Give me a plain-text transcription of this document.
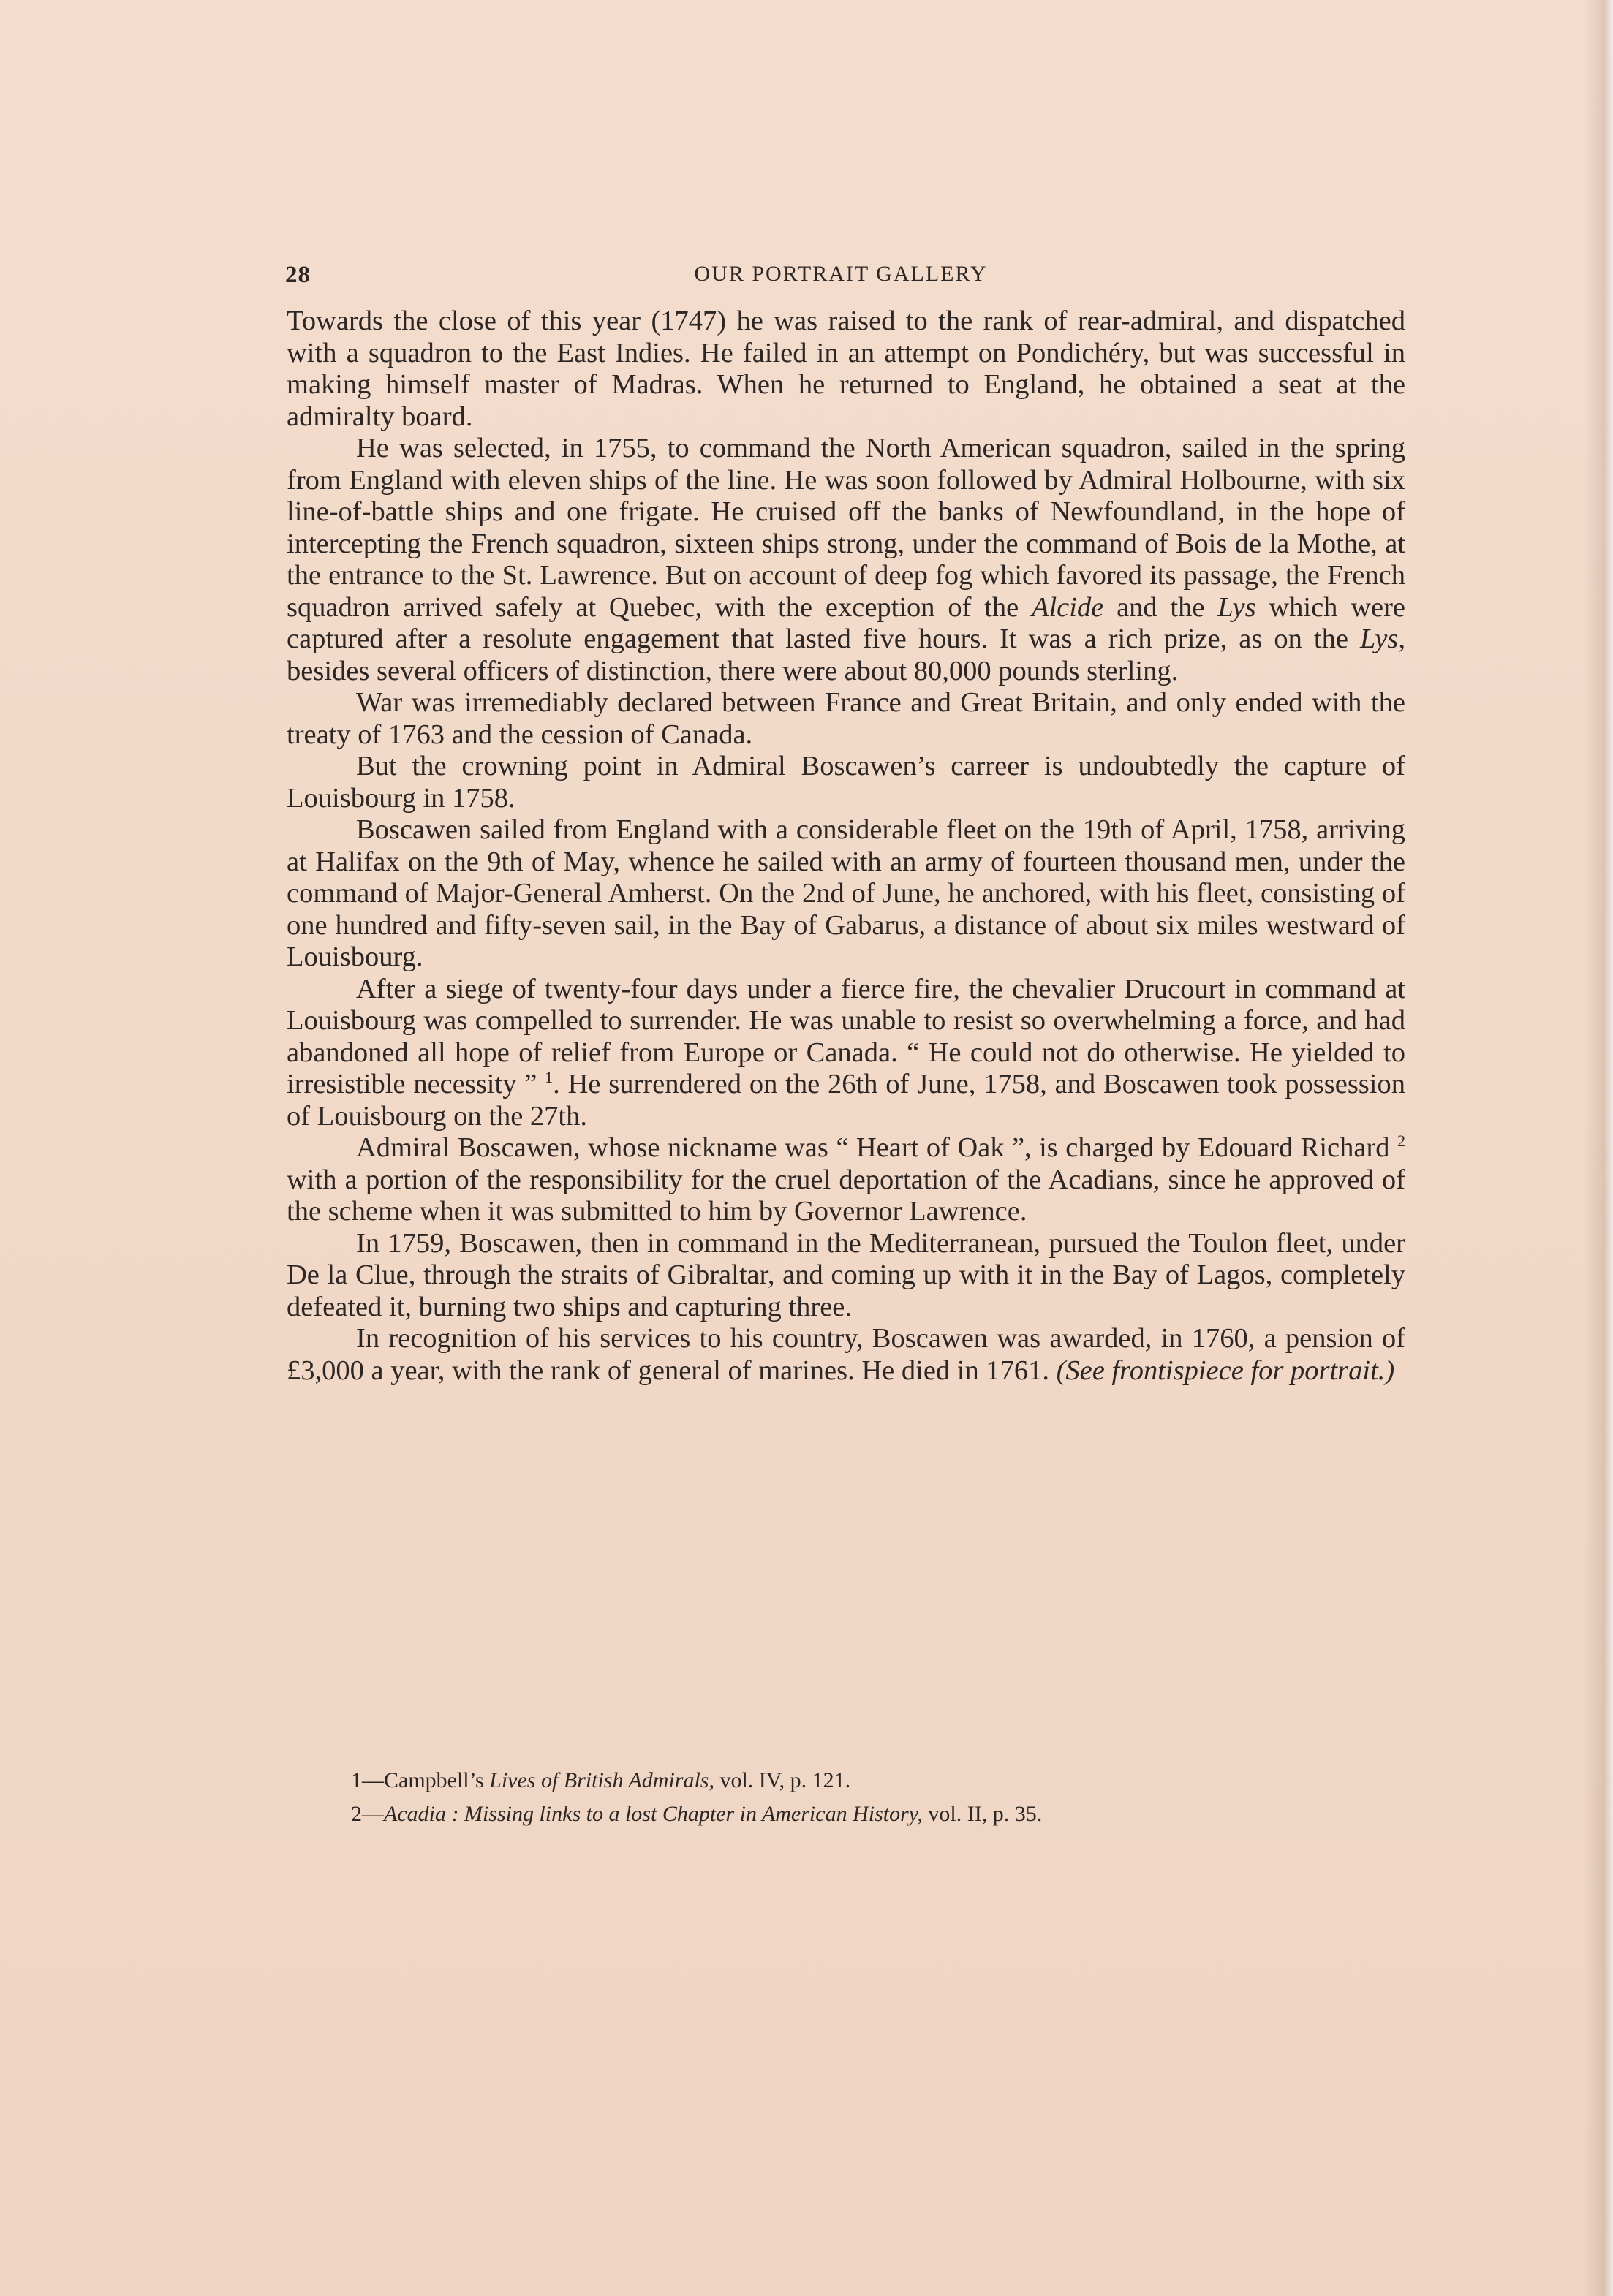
28	OUR PORTRAIT GALLERY

Towards the close of this year (1747) he was raised to the rank of rear-admiral, and dispatched with a squadron to the East Indies. He failed in an attempt on Pondichéry, but was successful in making himself master of Madras. When he returned to England, he obtained a seat at the admiralty board.

He was selected, in 1755, to command the North American squadron, sailed in the spring from England with eleven ships of the line. He was soon followed by Admiral Holbourne, with six line-of-battle ships and one frigate. He cruised off the banks of Newfoundland, in the hope of intercepting the French squadron, sixteen ships strong, under the command of Bois de la Mothe, at the entrance to the St. Lawrence. But on account of deep fog which favored its passage, the French squadron arrived safely at Quebec, with the exception of the Alcide and the Lys which were captured after a resolute engagement that lasted five hours. It was a rich prize, as on the Lys, besides several officers of distinction, there were about 80,000 pounds sterling.

War was irremediably declared between France and Great Britain, and only ended with the treaty of 1763 and the cession of Canada.

But the crowning point in Admiral Boscawen’s carreer is undoubtedly the capture of Louisbourg in 1758.

Boscawen sailed from England with a considerable fleet on the 19th of April, 1758, arriving at Halifax on the 9th of May, whence he sailed with an army of fourteen thousand men, under the command of Major-General Amherst. On the 2nd of June, he anchored, with his fleet, consisting of one hundred and fifty-seven sail, in the Bay of Gabarus, a distance of about six miles westward of Louisbourg.

After a siege of twenty-four days under a fierce fire, the chevalier Drucourt in command at Louisbourg was compelled to surrender. He was unable to resist so overwhelming a force, and had abandoned all hope of relief from Europe or Canada. “ He could not do otherwise. He yielded to irresistible necessity ” $^1$. He surrendered on the 26th of June, 1758, and Boscawen took possession of Louisbourg on the 27th.

Admiral Boscawen, whose nickname was “ Heart of Oak ”, is charged by Edouard Richard $^2$ with a portion of the responsibility for the cruel deportation of the Acadians, since he approved of the scheme when it was submitted to him by Governor Lawrence.

In 1759, Boscawen, then in command in the Mediterranean, pursued the Toulon fleet, under De la Clue, through the straits of Gibraltar, and coming up with it in the Bay of Lagos, completely defeated it, burning two ships and capturing three.

In recognition of his services to his country, Boscawen was awarded, in 1760, a pension of £3,000 a year, with the rank of general of marines. He died in 1761. (See frontispiece for portrait.)

1—Campbell’s Lives of British Admirals, vol. IV, p. 121.

2—Acadia : Missing links to a lost Chapter in American History, vol. II, p. 35.
